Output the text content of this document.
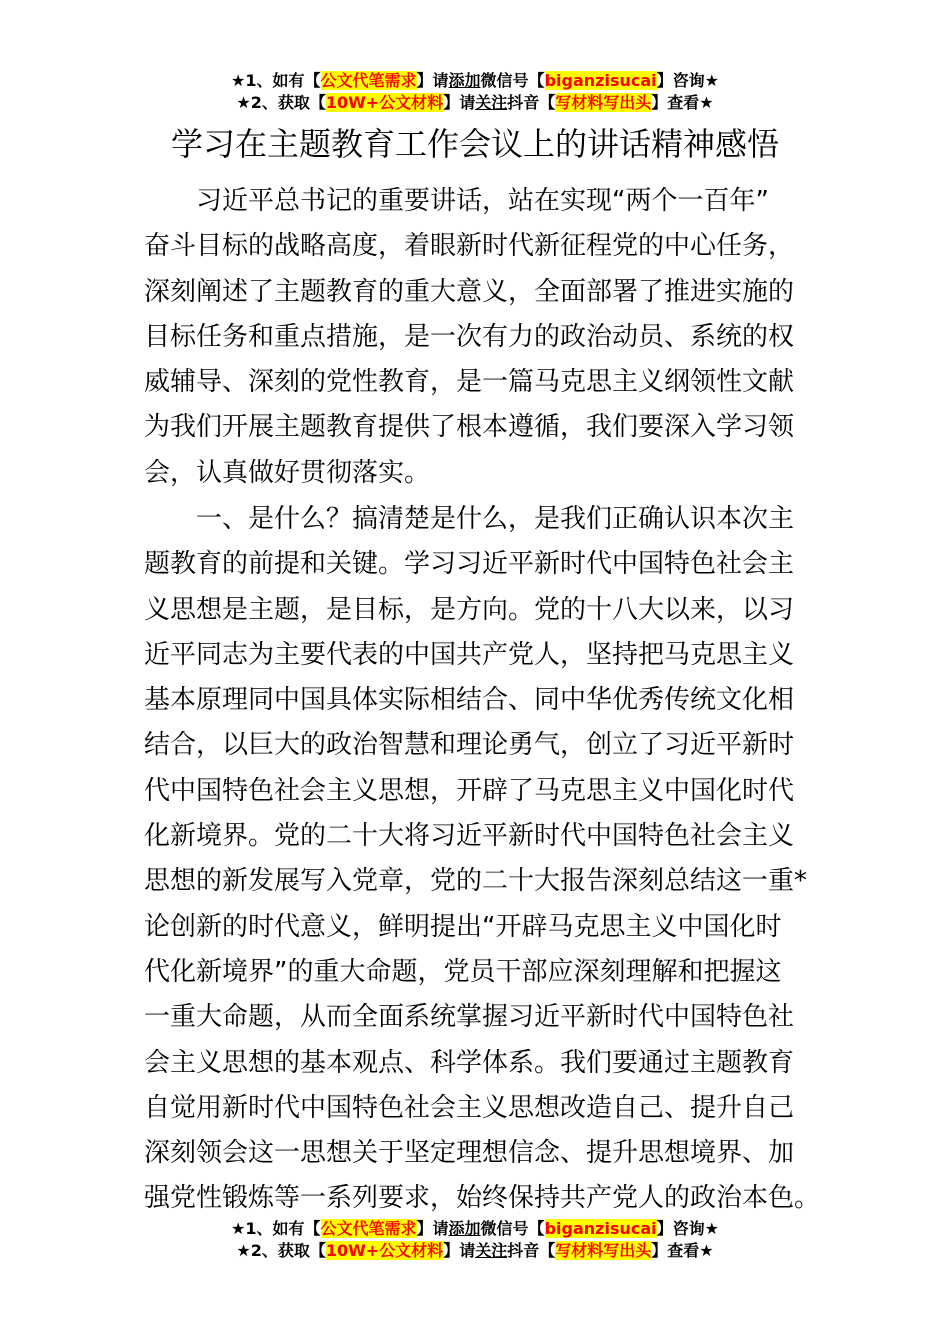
★1、如有【公文代笔需求】请添加微信号【biganzisucai】咨询★
★2、获取【10W+公文材料】请关注抖音【写材料写出头】查看★
学习在主题教育工作会议上的讲话精神感悟
　　习近平总书记的重要讲话，站在实现“两个一百年”
奋斗目标的战略高度，着眼新时代新征程党的中心任务，
深刻阐述了主题教育的重大意义，全面部署了推进实施的
目标任务和重点措施，是一次有力的政治动员、系统的权
威辅导、深刻的党性教育，是一篇马克思主义纲领性文献
为我们开展主题教育提供了根本遵循，我们要深入学习领
会，认真做好贯彻落实。
　　一、是什么？搞清楚是什么，是我们正确认识本次主
题教育的前提和关键。学习习近平新时代中国特色社会主
义思想是主题，是目标，是方向。党的十八大以来，以习
近平同志为主要代表的中国共产党人，坚持把马克思主义
基本原理同中国具体实际相结合、同中华优秀传统文化相
结合，以巨大的政治智慧和理论勇气，创立了习近平新时
代中国特色社会主义思想，开辟了马克思主义中国化时代
化新境界。党的二十大将习近平新时代中国特色社会主义
思想的新发展写入党章，党的二十大报告深刻总结这一重*
论创新的时代意义，鲜明提出“开辟马克思主义中国化时
代化新境界”的重大命题，党员干部应深刻理解和把握这
一重大命题，从而全面系统掌握习近平新时代中国特色社
会主义思想的基本观点、科学体系。我们要通过主题教育
自觉用新时代中国特色社会主义思想改造自己、提升自己
深刻领会这一思想关于坚定理想信念、提升思想境界、加
强党性锻炼等一系列要求，始终保持共产党人的政治本色。
★1、如有【公文代笔需求】请添加微信号【biganzisucai】咨询★
★2、获取【10W+公文材料】请关注抖音【写材料写出头】查看★
